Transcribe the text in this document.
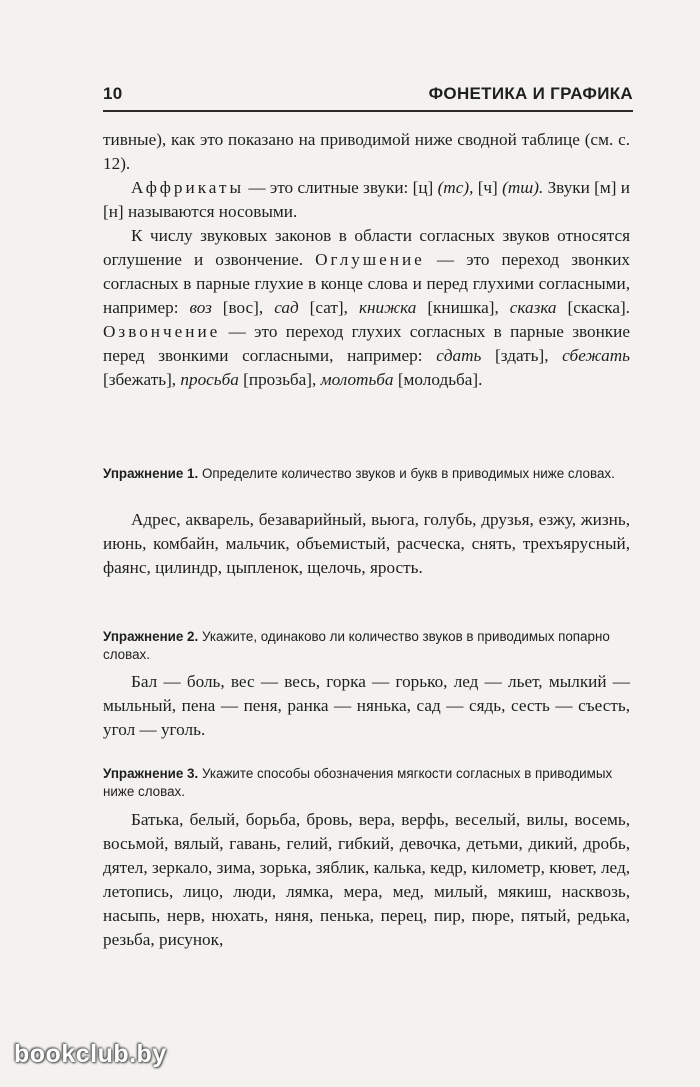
10	ФОНЕТИКА И ГРАФИКА

тивные), как это показано на приводимой ниже сводной таблице (см. с. 12).

Аффрикаты — это слитные звуки: [ц] (тс), [ч] (тш). Звуки [м] и [н] называются носовыми.

К числу звуковых законов в области согласных звуков относятся оглушение и озвончение. Оглушение — это переход звонких согласных в парные глухие в конце слова и перед глухими согласными, например: воз [вос], сад [сат], книжка [книшка], сказка [скаска]. Озвончение — это переход глухих согласных в парные звонкие перед звонкими согласными, например: сдать [здать], сбежать [збежать], просьба [прозьба], молотьба [молодьба].

Упражнение 1. Определите количество звуков и букв в приводимых ниже словах.

Адрес, акварель, безаварийный, вьюга, голубь, друзья, езжу, жизнь, июнь, комбайн, мальчик, объемистый, расческа, снять, трехъярусный, фаянс, цилиндр, цыпленок, щелочь, ярость.

Упражнение 2. Укажите, одинаково ли количество звуков в приводимых попарно словах.

Бал — боль, вес — весь, горка — горько, лед — льет, мылкий — мыльный, пена — пеня, ранка — нянька, сад — сядь, сесть — съесть, угол — уголь.

Упражнение 3. Укажите способы обозначения мягкости согласных в приводимых ниже словах.

Батька, белый, борьба, бровь, вера, верфь, веселый, вилы, восемь, восьмой, вялый, гавань, гелий, гибкий, девочка, детьми, дикий, дробь, дятел, зеркало, зима, зорька, зяблик, калька, кедр, километр, кювет, лед, летопись, лицо, люди, лямка, мера, мед, милый, мякиш, насквозь, насыпь, нерв, нюхать, няня, пенька, перец, пир, пюре, пятый, редька, резьба, рисунок,
bookclub.by
